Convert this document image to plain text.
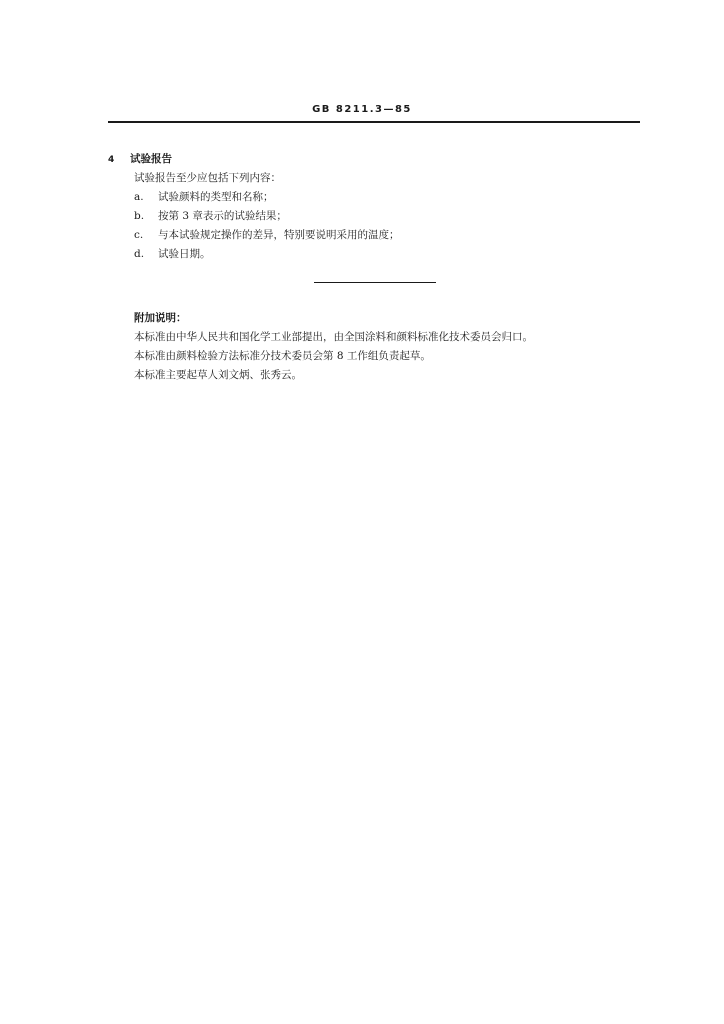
GB 8211.3—85
4 试验报告
试验报告至少应包括下列内容：
a. 试验颜料的类型和名称；
b. 按第 3 章表示的试验结果；
c. 与本试验规定操作的差异，特别要说明采用的温度；
d. 试验日期。
附加说明：
本标准由中华人民共和国化学工业部提出，由全国涂料和颜料标准化技术委员会归口。
本标准由颜料检验方法标准分技术委员会第 8 工作组负责起草。
本标准主要起草人刘文炳、张秀云。
